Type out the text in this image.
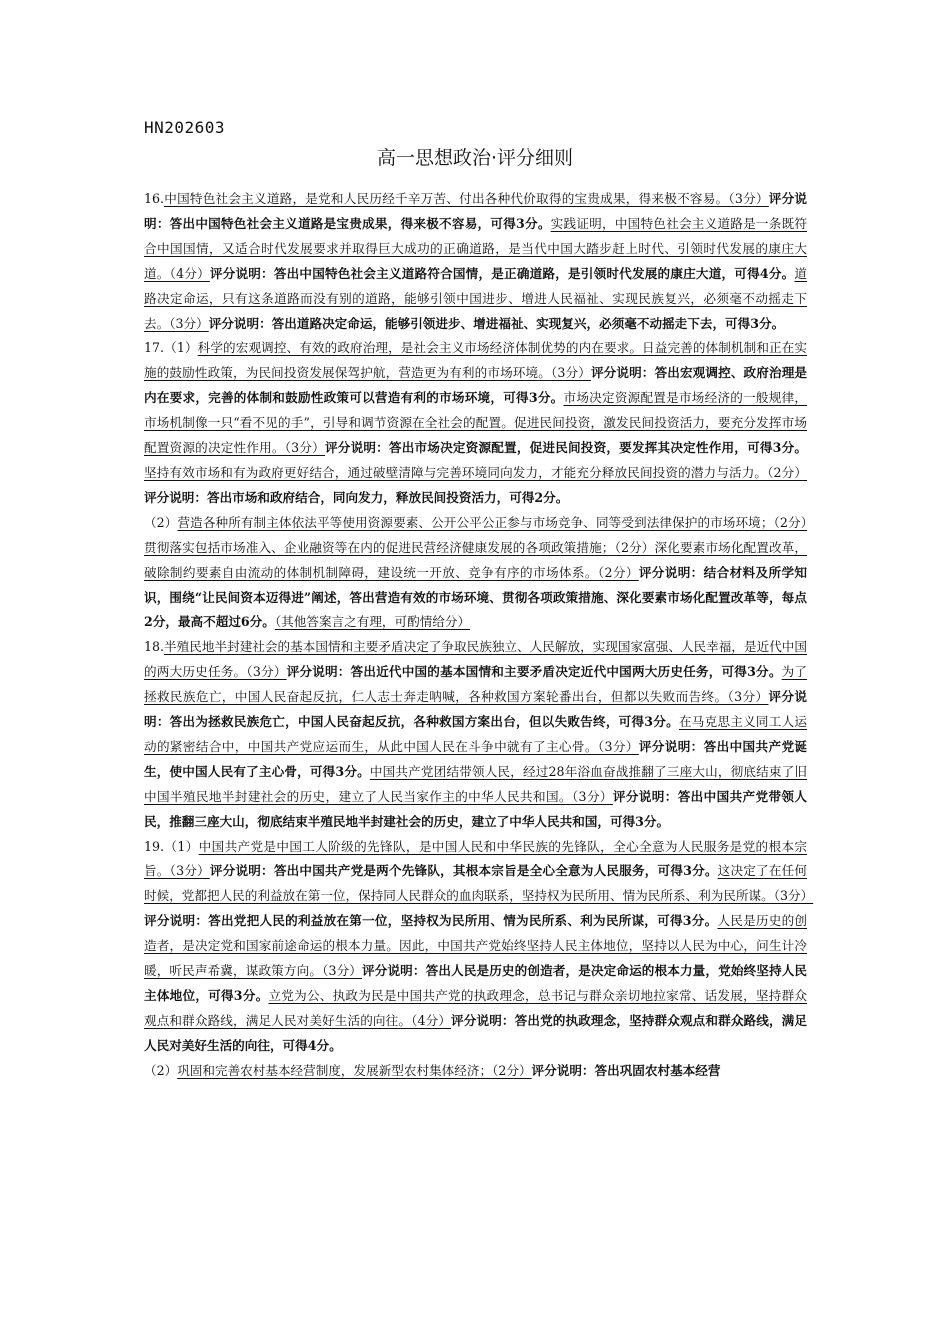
HN202603
高一思想政治·评分细则

16.中国特色社会主义道路，是党和人民历经千辛万苦、付出各种代价取得的宝贵成果，得来极不容易。（3分）评分说明：答出中国特色社会主义道路是宝贵成果，得来极不容易，可得3分。实践证明，中国特色社会主义道路是一条既符合中国国情，又适合时代发展要求并取得巨大成功的正确道路，是当代中国大踏步赶上时代、引领时代发展的康庄大道。（4分）评分说明：答出中国特色社会主义道路符合国情，是正确道路，是引领时代发展的康庄大道，可得4分。道路决定命运，只有这条道路而没有别的道路，能够引领中国进步、增进人民福祉、实现民族复兴，必须毫不动摇走下去。（3分）评分说明：答出道路决定命运，能够引领进步、增进福祉、实现复兴，必须毫不动摇走下去，可得3分。

17.（1）科学的宏观调控、有效的政府治理，是社会主义市场经济体制优势的内在要求。日益完善的体制机制和正在实施的鼓励性政策，为民间投资发展保驾护航，营造更为有利的市场环境。（3分）评分说明：答出宏观调控、政府治理是内在要求，完善的体制和鼓励性政策可以营造有利的市场环境，可得3分。市场决定资源配置是市场经济的一般规律，市场机制像一只“看不见的手”，引导和调节资源在全社会的配置。促进民间投资，激发民间投资活力，要充分发挥市场配置资源的决定性作用。（3分）评分说明：答出市场决定资源配置，促进民间投资，要发挥其决定性作用，可得3分。坚持有效市场和有为政府更好结合，通过破壁清障与完善环境同向发力，才能充分释放民间投资的潜力与活力。（2分）评分说明：答出市场和政府结合，同向发力，释放民间投资活力，可得2分。

（2）营造各种所有制主体依法平等使用资源要素、公开公平公正参与市场竞争、同等受到法律保护的市场环境；（2分）贯彻落实包括市场准入、企业融资等在内的促进民营经济健康发展的各项政策措施；（2分）深化要素市场化配置改革，破除制约要素自由流动的体制机制障碍，建设统一开放、竞争有序的市场体系。（2分）评分说明：结合材料及所学知识，围绕“让民间资本迈得进”阐述，答出营造有效的市场环境、贯彻各项政策措施、深化要素市场化配置改革等，每点2分，最高不超过6分。（其他答案言之有理，可酌情给分）

18.半殖民地半封建社会的基本国情和主要矛盾决定了争取民族独立、人民解放，实现国家富强、人民幸福，是近代中国的两大历史任务。（3分）评分说明：答出近代中国的基本国情和主要矛盾决定近代中国两大历史任务，可得3分。为了拯救民族危亡，中国人民奋起反抗，仁人志士奔走呐喊，各种救国方案轮番出台，但都以失败而告终。（3分）评分说明：答出为拯救民族危亡，中国人民奋起反抗，各种救国方案出台，但以失败告终，可得3分。在马克思主义同工人运动的紧密结合中，中国共产党应运而生，从此中国人民在斗争中就有了主心骨。（3分）评分说明：答出中国共产党诞生，使中国人民有了主心骨，可得3分。中国共产党团结带领人民，经过28年浴血奋战推翻了三座大山，彻底结束了旧中国半殖民地半封建社会的历史，建立了人民当家作主的中华人民共和国。（3分）评分说明：答出中国共产党带领人民，推翻三座大山，彻底结束半殖民地半封建社会的历史，建立了中华人民共和国，可得3分。

19.（1）中国共产党是中国工人阶级的先锋队，是中国人民和中华民族的先锋队，全心全意为人民服务是党的根本宗旨。（3分）评分说明：答出中国共产党是两个先锋队，其根本宗旨是全心全意为人民服务，可得3分。这决定了在任何时候，党都把人民的利益放在第一位，保持同人民群众的血肉联系，坚持权为民所用、情为民所系、利为民所谋。（3分）评分说明：答出党把人民的利益放在第一位，坚持权为民所用、情为民所系、利为民所谋，可得3分。人民是历史的创造者，是决定党和国家前途命运的根本力量。因此，中国共产党始终坚持人民主体地位，坚持以人民为中心，问生计冷暖，听民声希冀，谋政策方向。（3分）评分说明：答出人民是历史的创造者，是决定命运的根本力量，党始终坚持人民主体地位，可得3分。立党为公、执政为民是中国共产党的执政理念，总书记与群众亲切地拉家常、话发展，坚持群众观点和群众路线，满足人民对美好生活的向往。（4分）评分说明：答出党的执政理念，坚持群众观点和群众路线，满足人民对美好生活的向往，可得4分。

（2）巩固和完善农村基本经营制度，发展新型农村集体经济；（2分）评分说明：答出巩固农村基本经营
